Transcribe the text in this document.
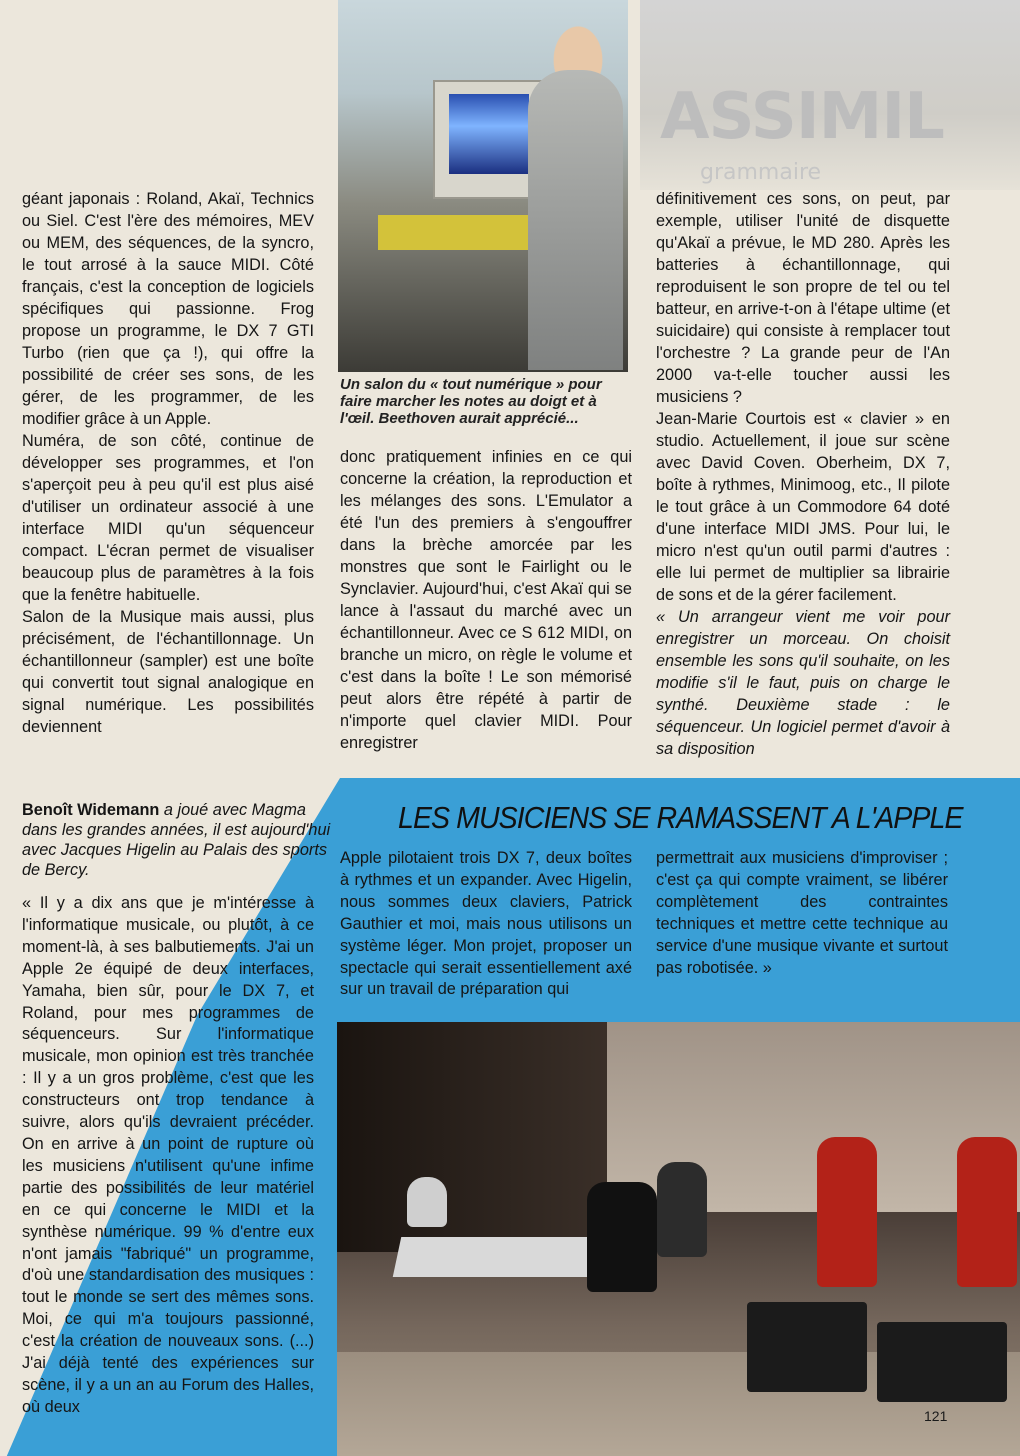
ASSIMIL
grammaire
Un salon du « tout numérique » pour faire marcher les notes au doigt et à l'œil. Beethoven aurait apprécié...

géant japonais : Roland, Akaï, Technics ou Siel. C'est l'ère des mémoires, MEV ou MEM, des séquences, de la syncro, le tout arrosé à la sauce MIDI. Côté français, c'est la conception de logiciels spécifiques qui passionne. Frog propose un programme, le DX 7 GTI Turbo (rien que ça !), qui offre la possibilité de créer ses sons, de les gérer, de les programmer, de les modifier grâce à un Apple.

Numéra, de son côté, continue de développer ses programmes, et l'on s'aperçoit peu à peu qu'il est plus aisé d'utiliser un ordinateur associé à une interface MIDI qu'un séquenceur compact. L'écran permet de visualiser beaucoup plus de paramètres à la fois que la fenêtre habituelle.

Salon de la Musique mais aussi, plus précisément, de l'échantillonnage. Un échantillonneur (sampler) est une boîte qui convertit tout signal analogique en signal numérique. Les possibilités deviennent

donc pratiquement infinies en ce qui concerne la création, la reproduction et les mélanges des sons. L'Emulator a été l'un des premiers à s'engouffrer dans la brèche amorcée par les monstres que sont le Fairlight ou le Synclavier. Aujourd'hui, c'est Akaï qui se lance à l'assaut du marché avec un échantillonneur. Avec ce S 612 MIDI, on branche un micro, on règle le volume et c'est dans la boîte ! Le son mémorisé peut alors être répété à partir de n'importe quel clavier MIDI. Pour enregistrer

définitivement ces sons, on peut, par exemple, utiliser l'unité de disquette qu'Akaï a prévue, le MD 280. Après les batteries à échantillonnage, qui reproduisent le son propre de tel ou tel batteur, en arrive-t-on à l'étape ultime (et suicidaire) qui consiste à remplacer tout l'orchestre ? La grande peur de l'An 2000 va-t-elle toucher aussi les musiciens ?

Jean-Marie Courtois est « clavier » en studio. Actuellement, il joue sur scène avec David Coven. Oberheim, DX 7, boîte à rythmes, Minimoog, etc., Il pilote le tout grâce à un Commodore 64 doté d'une interface MIDI JMS. Pour lui, le micro n'est qu'un outil parmi d'autres : elle lui permet de multiplier sa librairie de sons et de la gérer facilement.

« Un arrangeur vient me voir pour enregistrer un morceau. On choisit ensemble les sons qu'il souhaite, on les modifie s'il le faut, puis on charge le synthé. Deuxième stade : le séquenceur. Un logiciel permet d'avoir à sa disposition

Benoît Widemann a joué avec Magma dans les grandes années, il est aujourd'hui avec Jacques Higelin au Palais des sports de Bercy.
LES MUSICIENS SE RAMASSENT A L'APPLE

« Il y a dix ans que je m'intéresse à l'informatique musicale, ou plutôt, à ce moment-là, à ses balbutiements. J'ai un Apple 2e équipé de deux interfaces, Yamaha, bien sûr, pour le DX 7, et Roland, pour mes programmes de séquenceurs. Sur l'informatique musicale, mon opinion est très tranchée : Il y a un gros problème, c'est que les constructeurs ont trop tendance à suivre, alors qu'ils devraient précéder. On en arrive à un point de rupture où les musiciens n'utilisent qu'une infime partie des possibilités de leur matériel en ce qui concerne le MIDI et la synthèse numérique. 99 % d'entre eux n'ont jamais "fabriqué" un programme, d'où une standardisation des musiques : tout le monde se sert des mêmes sons. Moi, ce qui m'a toujours passionné, c'est la création de nouveaux sons. (...) J'ai déjà tenté des expériences sur scène, il y a un an au Forum des Halles, où deux

Apple pilotaient trois DX 7, deux boîtes à rythmes et un expander. Avec Higelin, nous sommes deux claviers, Patrick Gauthier et moi, mais nous utilisons un système léger. Mon projet, proposer un spectacle qui serait essentiellement axé sur un travail de préparation qui

permettrait aux musiciens d'improviser ; c'est ça qui compte vraiment, se libérer complètement des contraintes techniques et mettre cette technique au service d'une musique vivante et surtout pas robotisée. »

121
